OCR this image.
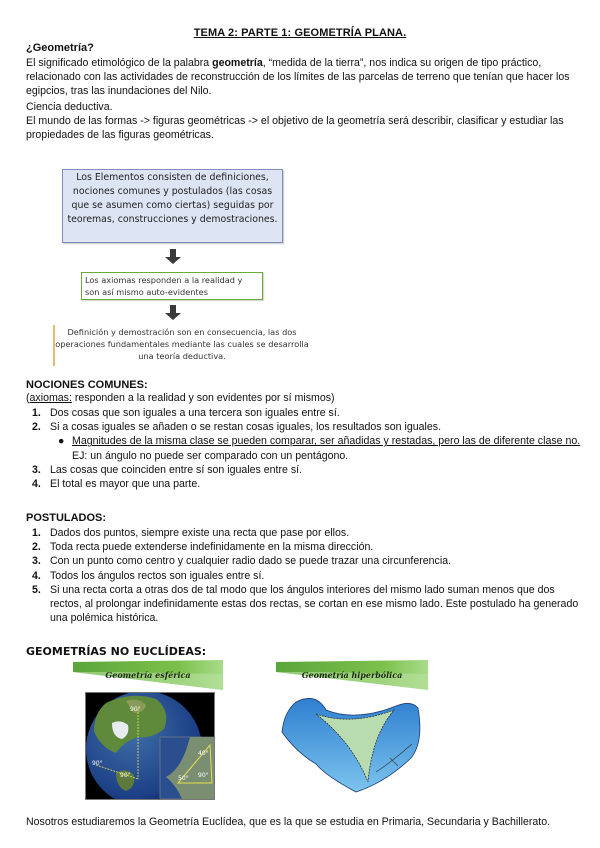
TEMA 2: PARTE 1: GEOMETRÍA PLANA.
¿Geometría?
El significado etimológico de la palabra geometría, “medida de la tierra”, nos indica su origen de tipo práctico, relacionado con las actividades de reconstrucción de los límites de las parcelas de terreno que tenían que hacer los egipcios, tras las inundaciones del Nilo.
Ciencia deductiva.
El mundo de las formas -> figuras geométricas -> el objetivo de la geometría será describir, clasificar y estudiar las propiedades de las figuras geométricas.
Los Elementos consisten de definiciones, nociones comunes y postulados (las cosas que se asumen como ciertas) seguidas por teoremas, construcciones y demostraciones.
Los axiomas responden a la realidad y son así mismo auto-evidentes
Definición y demostración son en consecuencia, las dos operaciones fundamentales mediante las cuales se desarrolla una teoría deductiva.
NOCIONES COMUNES:
(axiomas: responden a la realidad y son evidentes por sí mismos)
1. Dos cosas que son iguales a una tercera son iguales entre sí.
2. Si a cosas iguales se añaden o se restan cosas iguales, los resultados son iguales.
● Magnitudes de la misma clase se pueden comparar, ser añadidas y restadas, pero las de diferente clase no. EJ: un ángulo no puede ser comparado con un pentágono.
3. Las cosas que coinciden entre sí son iguales entre sí.
4. El total es mayor que una parte.
POSTULADOS:
1. Dados dos puntos, siempre existe una recta que pase por ellos.
2. Toda recta puede extenderse indefinidamente en la misma dirección.
3. Con un punto como centro y cualquier radio dado se puede trazar una circunferencia.
4. Todos los ángulos rectos son iguales entre sí.
5. Si una recta corta a otras dos de tal modo que los ángulos interiores del mismo lado suman menos que dos rectos, al prolongar indefinidamente estas dos rectas, se cortan en ese mismo lado. Este postulado ha generado una polémica histórica.
GEOMETRÍAS NO EUCLÍDEAS:
Geometría esférica
40°
50° 90°
90°
90°
90°
Geometría hiperbólica
Nosotros estudiaremos la Geometría Euclídea, que es la que se estudia en Primaria, Secundaria y Bachillerato.
